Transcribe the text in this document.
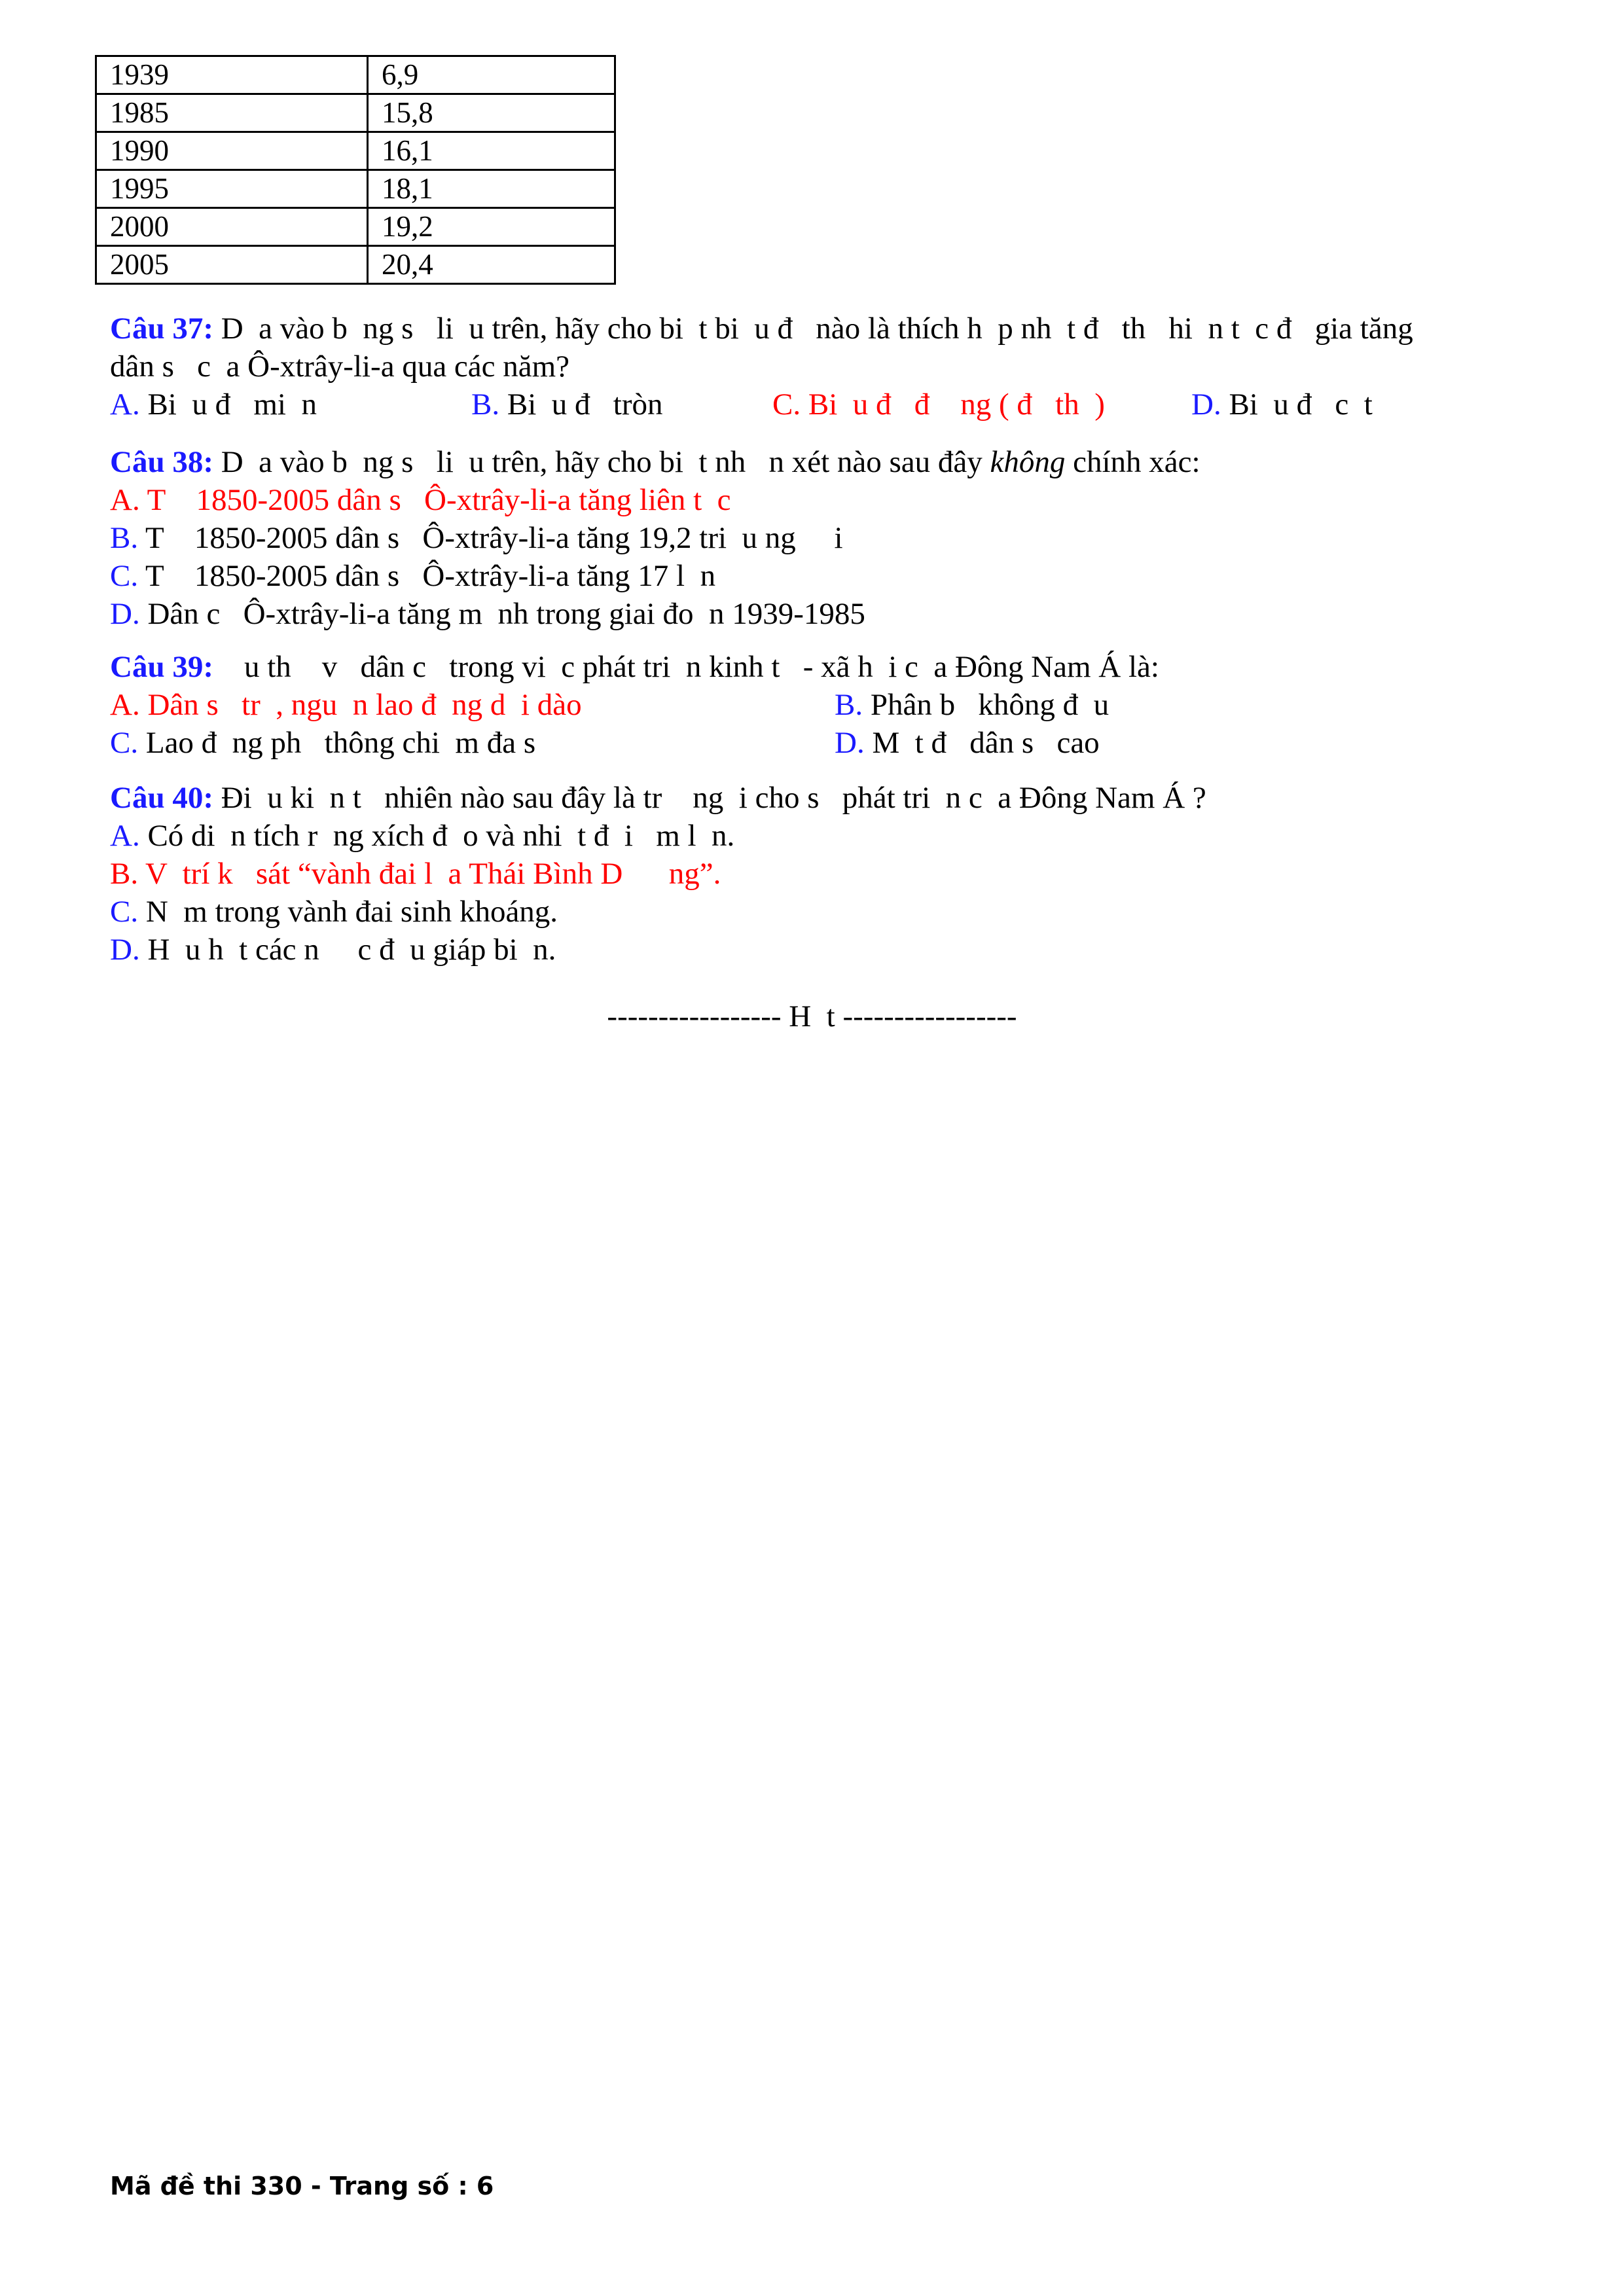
1939	6,9
1985	15,8
1990	16,1
1995	18,1
2000	19,2
2005	20,4
Câu 37: D  a vào b  ng s   li  u trên, hãy cho bi  t bi  u đ   nào là thích h  p nh  t đ   th   hi  n t  c đ   gia tăng
dân s   c  a Ô-xtrây-li-a qua các năm?

A. Bi  u đ   mi  n

	B. Bi  u đ   tròn

	C. Bi  u đ   đ    ng ( đ   th  )

	D. Bi  u đ   c  t

Câu 38: D  a vào b  ng s   li  u trên, hãy cho bi  t nh   n xét nào sau đây không chính xác:
A. T    1850-2005 dân s   Ô-xtrây-li-a tăng liên t  c
B. T    1850-2005 dân s   Ô-xtrây-li-a tăng 19,2 tri  u ng     i
C. T    1850-2005 dân s   Ô-xtrây-li-a tăng 17 l  n
D. Dân c   Ô-xtrây-li-a tăng m  nh trong giai đo  n 1939-1985
Câu 39:    u th    v   dân c   trong vi  c phát tri  n kinh t   - xã h  i c  a Đông Nam Á là:

A. Dân s   tr  , ngu  n lao đ  ng d  i dào

	B. Phân b   không đ  u

C. Lao đ  ng ph   thông chi  m đa s

	D. M  t đ   dân s   cao

Câu 40: Đi  u ki  n t   nhiên nào sau đây là tr    ng  i cho s   phát tri  n c  a Đông Nam Á ?
A. Có di  n tích r  ng xích đ  o và nhi  t đ  i   m l  n.
B. V  trí k   sát “vành đai l  a Thái Bình D      ng”.
C. N  m trong vành đai sinh khoáng.
D. H  u h  t các n     c đ  u giáp bi  n.
----------------- H  t -----------------
Mã đề thi 330 - Trang số : 6
